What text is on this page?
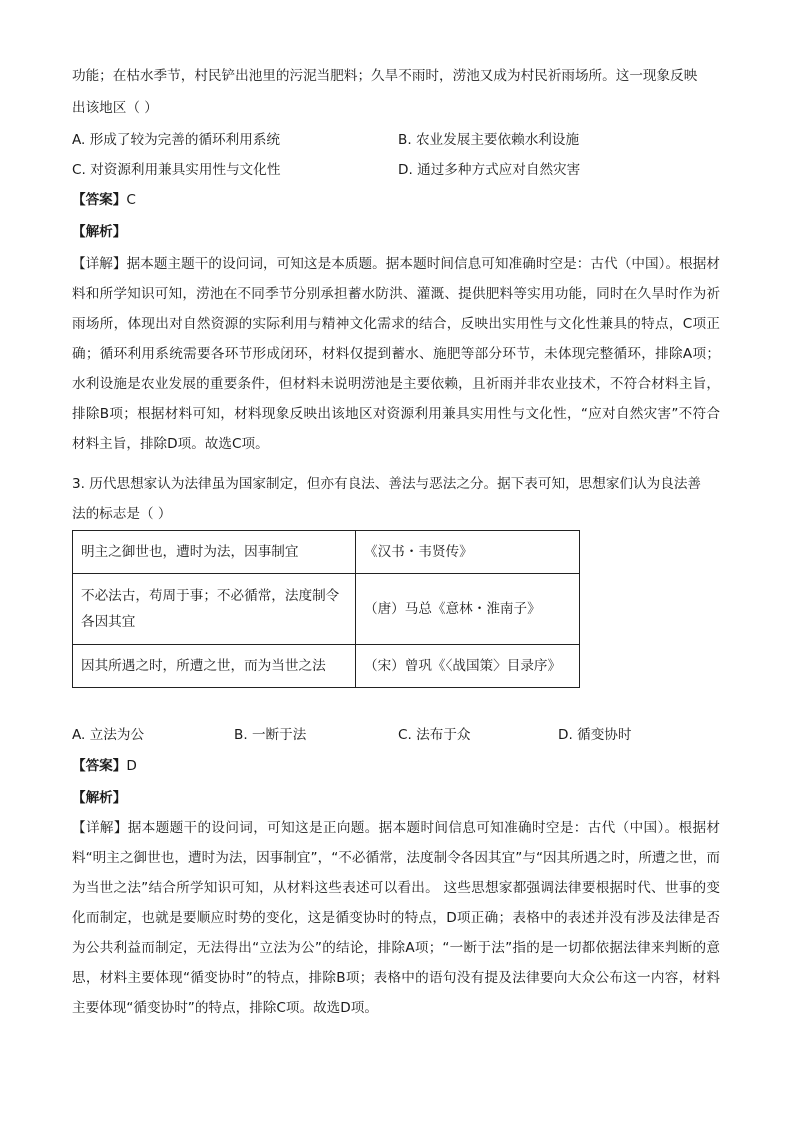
功能；在枯水季节，村民铲出池里的污泥当肥料；久旱不雨时，涝池又成为村民祈雨场所。这一现象反映
出该地区（ ）
A. 形成了较为完善的循环利用系统	B. 农业发展主要依赖水利设施
C. 对资源利用兼具实用性与文化性	D. 通过多种方式应对自然灾害
【答案】C
【解析】
【详解】据本题主题干的设问词，可知这是本质题。据本题时间信息可知准确时空是：古代（中国）。根据材料和所学知识可知，涝池在不同季节分别承担蓄水防洪、灌溉、提供肥料等实用功能，同时在久旱时作为祈雨场所，体现出对自然资源的实际利用与精神文化需求的结合，反映出实用性与文化性兼具的特点，C项正确；循环利用系统需要各环节形成闭环，材料仅提到蓄水、施肥等部分环节，未体现完整循环，排除A项；水利设施是农业发展的重要条件，但材料未说明涝池是主要依赖，且祈雨并非农业技术，不符合材料主旨，排除B项；根据材料可知，材料现象反映出该地区对资源利用兼具实用性与文化性，“应对自然灾害”不符合材料主旨，排除D项。故选C项。
3. 历代思想家认为法律虽为国家制定，但亦有良法、善法与恶法之分。据下表可知，思想家们认为良法善
法的标志是（ ）
明主之御世也，遭时为法，因事制宜	《汉书・韦贤传》
不必法古，苟周于事；不必循常，法度制令各因其宜	（唐）马总《意林・淮南子》
因其所遇之时，所遭之世，而为当世之法	（宋）曾巩《〈战国策〉目录序》
A. 立法为公	B. 一断于法	C. 法布于众	D. 循变协时
【答案】D
【解析】
【详解】据本题题干的设问词，可知这是正向题。据本题时间信息可知准确时空是：古代（中国）。根据材料“明主之御世也，遭时为法，因事制宜”，“不必循常，法度制令各因其宜”与“因其所遇之时，所遭之世，而为当世之法”结合所学知识可知，从材料这些表述可以看出。 这些思想家都强调法律要根据时代、世事的变化而制定，也就是要顺应时势的变化，这是循变协时的特点，D项正确；表格中的表述并没有涉及法律是否为公共利益而制定，无法得出“立法为公”的结论，排除A项；“一断于法”指的是一切都依据法律来判断的意思，材料主要体现“循变协时”的特点，排除B项；表格中的语句没有提及法律要向大众公布这一内容，材料主要体现“循变协时”的特点，排除C项。故选D项。
